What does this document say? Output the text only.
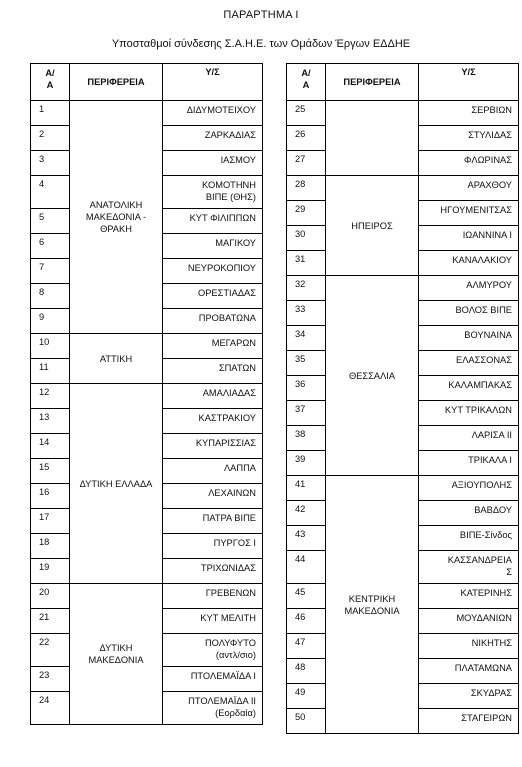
ΠΑΡΑΡΤΗΜΑ Ι
Υποσταθμοί σύνδεσης Σ.Α.Η.Ε. των Ομάδων Έργων ΕΔΔΗΕ
Α/
Α	ΠΕΡΙΦΕΡΕΙΑ	Υ/Σ
1	ΑΝΑΤΟΛΙΚΗ
ΜΑΚΕΔΟΝΙΑ -
ΘΡΑΚΗ	ΔΙΔΥΜΟΤΕΙΧΟΥ
2		ΖΑΡΚΑΔΙΑΣ
3		ΙΑΣΜΟΥ
4		ΚΟΜΟΤΗΝΗ
ΒΙΠΕ (ΘΗΣ)
5		ΚΥΤ ΦΙΛΙΠΠΩΝ
6		ΜΑΓΙΚΟΥ
7		ΝΕΥΡΟΚΟΠΙΟΥ
8		ΟΡΕΣΤΙΑΔΑΣ
9		ΠΡΟΒΑΤΩΝΑ
10	ΑΤΤΙΚΗ	ΜΕΓΑΡΩΝ
11		ΣΠΑΤΩΝ
12	ΔΥΤΙΚΗ ΕΛΛΑΔΑ	ΑΜΑΛΙΑΔΑΣ
13		ΚΑΣΤΡΑΚΙΟΥ
14		ΚΥΠΑΡΙΣΣΙΑΣ
15		ΛΑΠΠΑ
16		ΛΕΧΑΙΝΩΝ
17		ΠΑΤΡΑ ΒΙΠΕ
18		ΠΥΡΓΟΣ Ι
19		ΤΡΙΧΩΝΙΔΑΣ
20	ΔΥΤΙΚΗ
ΜΑΚΕΔΟΝΙΑ	ΓΡΕΒΕΝΩΝ
21		ΚΥΤ ΜΕΛΙΤΗ
22		ΠΟΛΥΦΥΤΟ
(αντλ/σιο)
23		ΠΤΟΛΕΜΑΪΔΑ Ι
24		ΠΤΟΛΕΜΑΪΔΑ ΙΙ
(Εορδαία)
Α/
Α	ΠΕΡΙΦΕΡΕΙΑ	Υ/Σ
25		ΣΕΡΒΙΩΝ
26		ΣΤΥΛΙΔΑΣ
27		ΦΛΩΡΙΝΑΣ
28	ΗΠΕΙΡΟΣ	ΑΡΑΧΘΟΥ
29		ΗΓΟΥΜΕΝΙΤΣΑΣ
30		ΙΩΑΝΝΙΝΑ Ι
31		ΚΑΝΑΛΑΚΙΟΥ
32	ΘΕΣΣΑΛΙΑ	ΑΛΜΥΡΟΥ
33		ΒΟΛΟΣ ΒΙΠΕ
34		ΒΟΥΝΑΙΝΑ
35		ΕΛΑΣΣΟΝΑΣ
36		ΚΑΛΑΜΠΑΚΑΣ
37		ΚΥΤ ΤΡΙΚΑΛΩΝ
38		ΛΑΡΙΣΑ ΙΙ
39		ΤΡΙΚΑΛΑ Ι
41	ΚΕΝΤΡΙΚΗ
ΜΑΚΕΔΟΝΙΑ	ΑΞΙΟΥΠΟΛΗΣ
42		ΒΑΒΔΟΥ
43		ΒΙΠΕ-Σίνδος
44		ΚΑΣΣΑΝΔΡΕΙΑ
Σ
45		ΚΑΤΕΡΙΝΗΣ
46		ΜΟΥΔΑΝΙΩΝ
47		ΝΙΚΗΤΗΣ
48		ΠΛΑΤΑΜΩΝΑ
49		ΣΚΥΔΡΑΣ
50		ΣΤΑΓΕΙΡΩΝ
